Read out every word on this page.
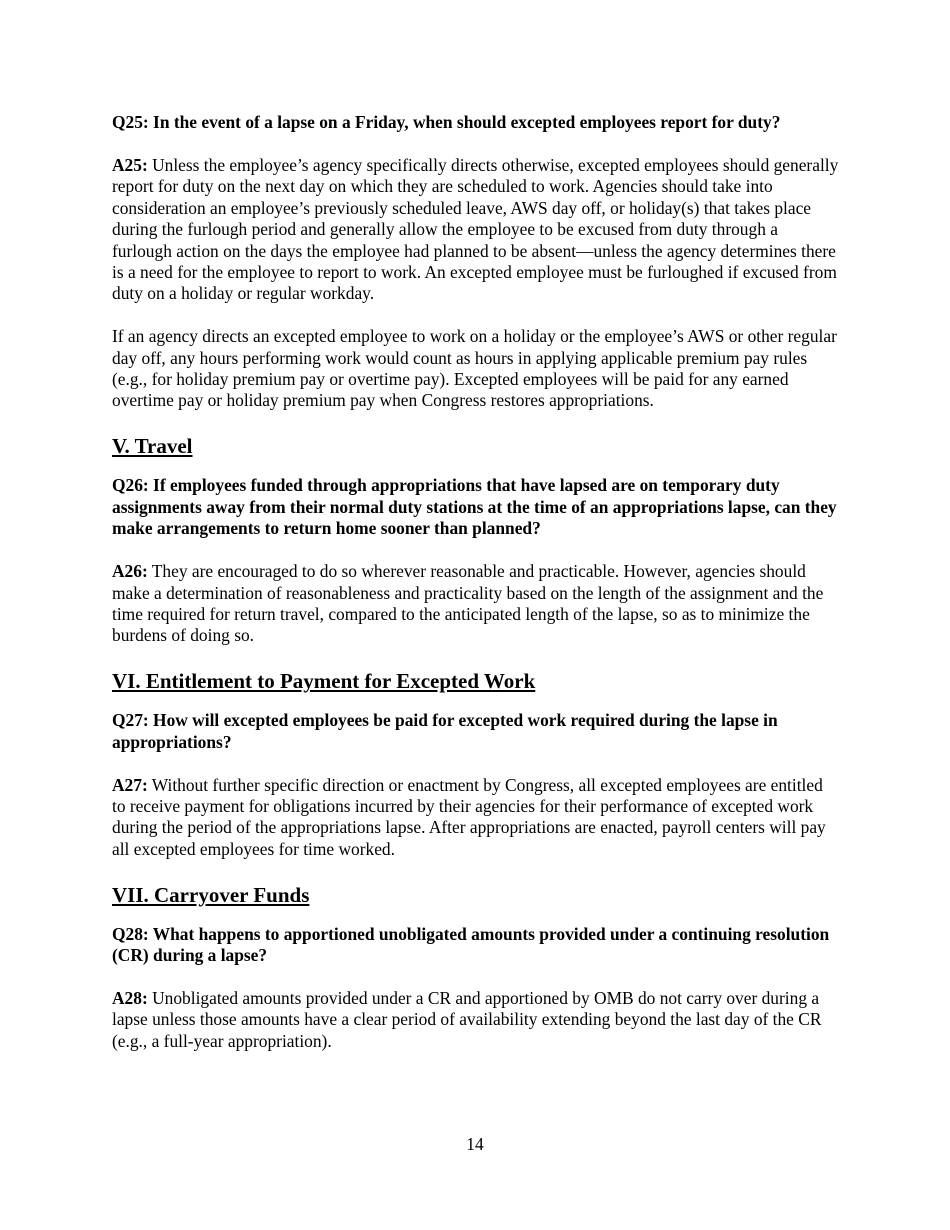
Q25: In the event of a lapse on a Friday, when should excepted employees report for duty?

A25: Unless the employee’s agency specifically directs otherwise, excepted employees should generally report for duty on the next day on which they are scheduled to work. Agencies should take into consideration an employee’s previously scheduled leave, AWS day off, or holiday(s) that takes place during the furlough period and generally allow the employee to be excused from duty through a furlough action on the days the employee had planned to be absent—unless the agency determines there is a need for the employee to report to work. An excepted employee must be furloughed if excused from duty on a holiday or regular workday.

If an agency directs an excepted employee to work on a holiday or the employee’s AWS or other regular day off, any hours performing work would count as hours in applying applicable premium pay rules (e.g., for holiday premium pay or overtime pay). Excepted employees will be paid for any earned overtime pay or holiday premium pay when Congress restores appropriations.

V. Travel

Q26: If employees funded through appropriations that have lapsed are on temporary duty assignments away from their normal duty stations at the time of an appropriations lapse, can they make arrangements to return home sooner than planned?

A26: They are encouraged to do so wherever reasonable and practicable. However, agencies should make a determination of reasonableness and practicality based on the length of the assignment and the time required for return travel, compared to the anticipated length of the lapse, so as to minimize the burdens of doing so.

VI. Entitlement to Payment for Excepted Work

Q27: How will excepted employees be paid for excepted work required during the lapse in appropriations?

A27: Without further specific direction or enactment by Congress, all excepted employees are entitled to receive payment for obligations incurred by their agencies for their performance of excepted work during the period of the appropriations lapse. After appropriations are enacted, payroll centers will pay all excepted employees for time worked.

VII. Carryover Funds

Q28: What happens to apportioned unobligated amounts provided under a continuing resolution (CR) during a lapse?

A28: Unobligated amounts provided under a CR and apportioned by OMB do not carry over during a lapse unless those amounts have a clear period of availability extending beyond the last day of the CR (e.g., a full-year appropriation).

14
